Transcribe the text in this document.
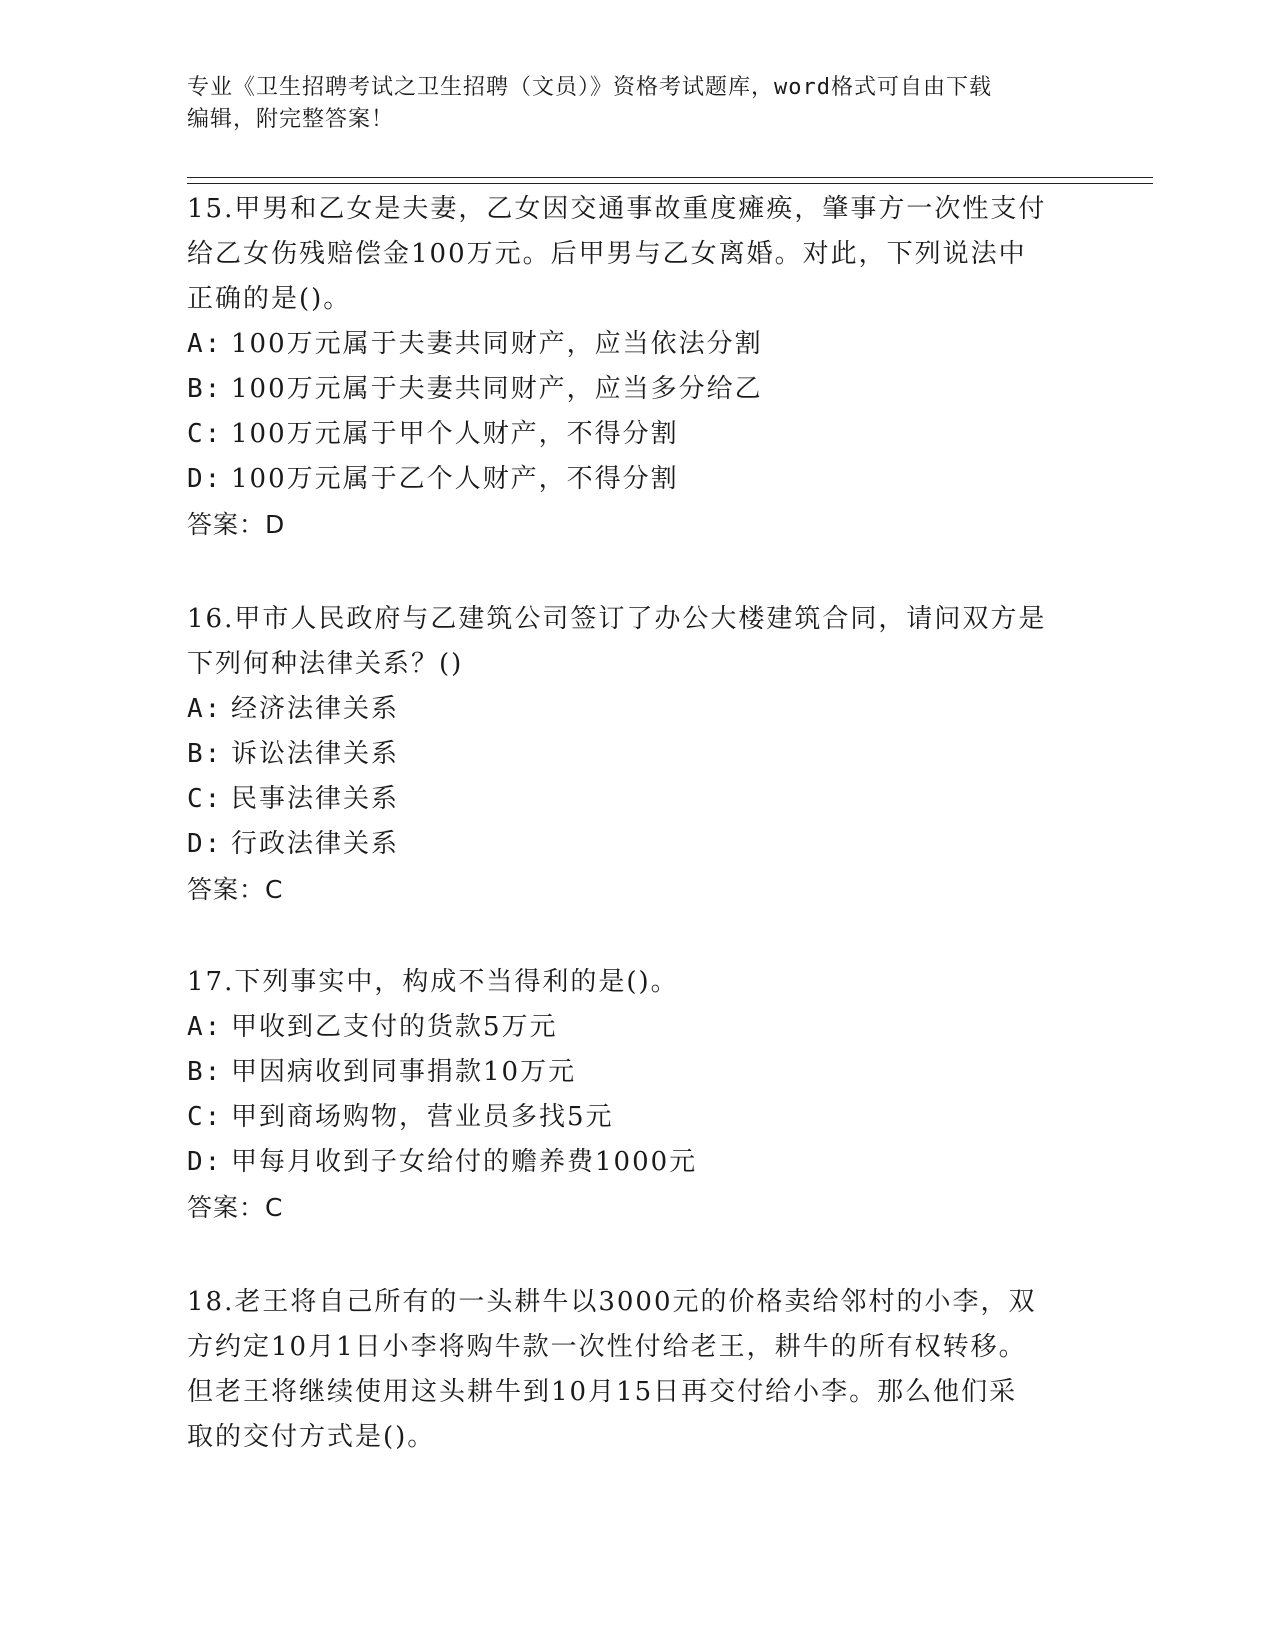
专业《卫生招聘考试之卫生招聘（文员）》资格考试题库，word格式可自由下载
编辑，附完整答案！
15.甲男和乙女是夫妻，乙女因交通事故重度瘫痪，肇事方一次性支付
给乙女伤残赔偿金100万元。后甲男与乙女离婚。对此，下列说法中
正确的是()。
A: 100万元属于夫妻共同财产，应当依法分割
B: 100万元属于夫妻共同财产，应当多分给乙
C: 100万元属于甲个人财产，不得分割
D: 100万元属于乙个人财产，不得分割
答案：D
16.甲市人民政府与乙建筑公司签订了办公大楼建筑合同，请问双方是
下列何种法律关系？()
A: 经济法律关系
B: 诉讼法律关系
C: 民事法律关系
D: 行政法律关系
答案：C
17.下列事实中，构成不当得利的是()。
A: 甲收到乙支付的货款5万元
B: 甲因病收到同事捐款10万元
C: 甲到商场购物，营业员多找5元
D: 甲每月收到子女给付的赡养费1000元
答案：C
18.老王将自己所有的一头耕牛以3000元的价格卖给邻村的小李，双
方约定10月1日小李将购牛款一次性付给老王，耕牛的所有权转移。
但老王将继续使用这头耕牛到10月15日再交付给小李。那么他们采
取的交付方式是()。
